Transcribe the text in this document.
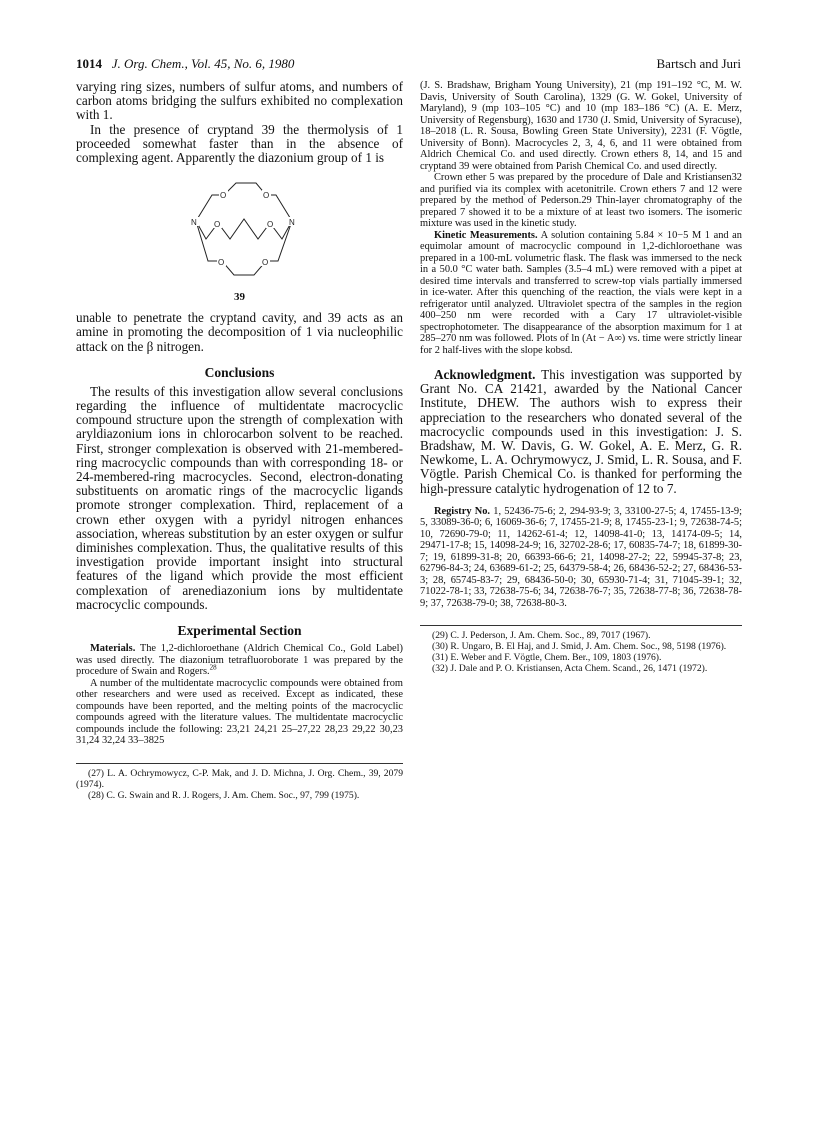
1014 J. Org. Chem., Vol. 45, No. 6, 1980	Bartsch and Juri

varying ring sizes, numbers of sulfur atoms, and numbers of carbon atoms bridging the sulfurs exhibited no complexation with 1.

In the presence of cryptand 39 the thermolysis of 1 proceeded somewhat faster than in the absence of complexing agent. Apparently the diazonium group of 1 is

O	O
N O	O N
O	O
39

unable to penetrate the cryptand cavity, and 39 acts as an amine in promoting the decomposition of 1 via nucleophilic attack on the β nitrogen.

Conclusions

The results of this investigation allow several conclusions regarding the influence of multidentate macrocyclic compound structure upon the strength of complexation with aryldiazonium ions in chlorocarbon solvent to be reached. First, stronger complexation is observed with 21-membered-ring macrocyclic compounds than with corresponding 18- or 24-membered-ring macrocycles. Second, electron-donating substituents on aromatic rings of the macrocyclic ligands promote stronger complexation. Third, replacement of a crown ether oxygen with a pyridyl nitrogen enhances association, whereas substitution by an ester oxygen or sulfur diminishes complexation. Thus, the qualitative results of this investigation provide important insight into structural features of the ligand which provide the most efficient complexation of arenediazonium ions by multidentate macrocyclic compounds.

Experimental Section

Materials. The 1,2-dichloroethane (Aldrich Chemical Co., Gold Label) was used directly. The diazonium tetrafluoroborate 1 was prepared by the procedure of Swain and Rogers.$^{28}$

A number of the multidentate macrocyclic compounds were obtained from other researchers and were used as received. Except as indicated, these compounds have been reported, and the melting points of the macrocyclic compounds agreed with the literature values. The multidentate macrocyclic compounds include the following: 23,21 24,21 25–27,22 28,23 29,22 30,23 31,24 32,24 33–3825

(27) L. A. Ochrymowycz, C-P. Mak, and J. D. Michna, J. Org. Chem., 39, 2079 (1974).

(28) C. G. Swain and R. J. Rogers, J. Am. Chem. Soc., 97, 799 (1975).

(J. S. Bradshaw, Brigham Young University), 21 (mp 191–192 °C, M. W. Davis, University of South Carolina), 1329 (G. W. Gokel, University of Maryland), 9 (mp 103–105 °C) and 10 (mp 183–186 °C) (A. E. Merz, University of Regensburg), 1630 and 1730 (J. Smid, University of Syracuse), 18–2018 (L. R. Sousa, Bowling Green State University), 2231 (F. Vögtle, University of Bonn). Macrocycles 2, 3, 4, 6, and 11 were obtained from Aldrich Chemical Co. and used directly. Crown ethers 8, 14, and 15 and cryptand 39 were obtained from Parish Chemical Co. and used directly.

Crown ether 5 was prepared by the procedure of Dale and Kristiansen32 and purified via its complex with acetonitrile. Crown ethers 7 and 12 were prepared by the method of Pederson.29 Thin-layer chromatography of the prepared 7 showed it to be a mixture of at least two isomers. The isomeric mixture was used in the kinetic study.

Kinetic Measurements. A solution containing 5.84 × 10−5 M 1 and an equimolar amount of macrocyclic compound in 1,2-dichloroethane was prepared in a 100-mL volumetric flask. The flask was immersed to the neck in a 50.0 °C water bath. Samples (3.5–4 mL) were removed with a pipet at desired time intervals and transferred to screw-top vials partially immersed in ice-water. After this quenching of the reaction, the vials were kept in a refrigerator until analyzed. Ultraviolet spectra of the samples in the region 400–250 nm were recorded with a Cary 17 ultraviolet-visible spectrophotometer. The disappearance of the absorption maximum for 1 at 285–270 nm was followed. Plots of ln (At − A∞) vs. time were strictly linear for 2 half-lives with the slope kobsd.

Acknowledgment. This investigation was supported by Grant No. CA 21421, awarded by the National Cancer Institute, DHEW. The authors wish to express their appreciation to the researchers who donated several of the macrocyclic compounds used in this investigation: J. S. Bradshaw, M. W. Davis, G. W. Gokel, A. E. Merz, G. R. Newkome, L. A. Ochrymowycz, J. Smid, L. R. Sousa, and F. Vögtle. Parish Chemical Co. is thanked for performing the high-pressure catalytic hydrogenation of 12 to 7.

Registry No. 1, 52436-75-6; 2, 294-93-9; 3, 33100-27-5; 4, 17455-13-9; 5, 33089-36-0; 6, 16069-36-6; 7, 17455-21-9; 8, 17455-23-1; 9, 72638-74-5; 10, 72690-79-0; 11, 14262-61-4; 12, 14098-41-0; 13, 14174-09-5; 14, 29471-17-8; 15, 14098-24-9; 16, 32702-28-6; 17, 60835-74-7; 18, 61899-30-7; 19, 61899-31-8; 20, 66393-66-6; 21, 14098-27-2; 22, 59945-37-8; 23, 62796-84-3; 24, 63689-61-2; 25, 64379-58-4; 26, 68436-52-2; 27, 68436-53-3; 28, 65745-83-7; 29, 68436-50-0; 30, 65930-71-4; 31, 71045-39-1; 32, 71022-78-1; 33, 72638-75-6; 34, 72638-76-7; 35, 72638-77-8; 36, 72638-78-9; 37, 72638-79-0; 38, 72638-80-3.

(29) C. J. Pederson, J. Am. Chem. Soc., 89, 7017 (1967).

(30) R. Ungaro, B. El Haj, and J. Smid, J. Am. Chem. Soc., 98, 5198 (1976).

(31) E. Weber and F. Vögtle, Chem. Ber., 109, 1803 (1976).

(32) J. Dale and P. O. Kristiansen, Acta Chem. Scand., 26, 1471 (1972).
